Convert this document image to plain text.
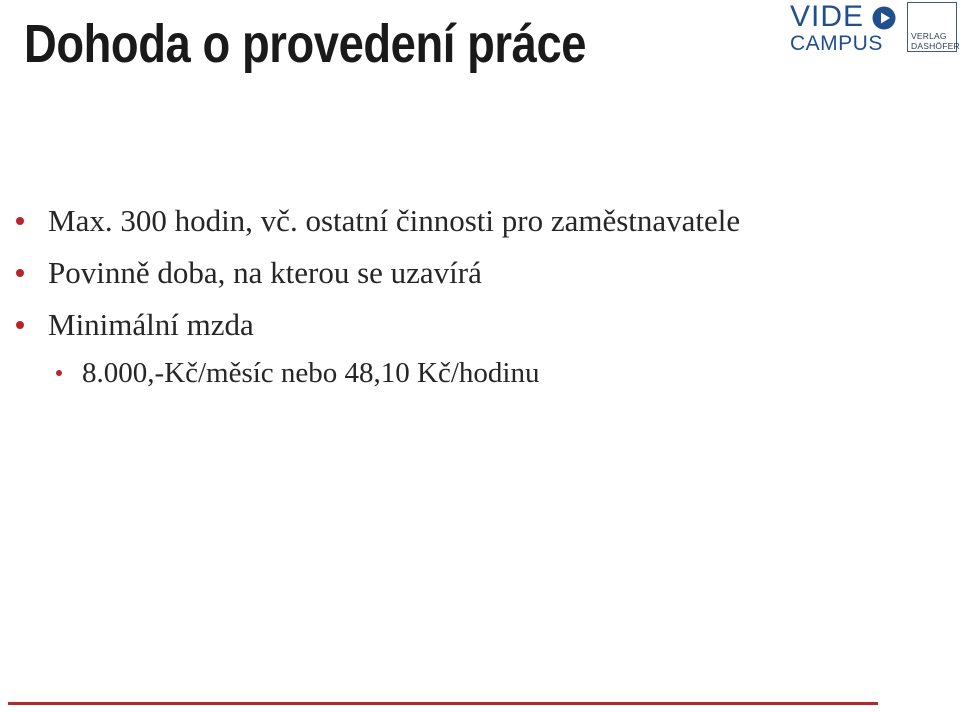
Dohoda o provedení práce	VIDE
CAMPUS	VERLAG
DASHÖFER
Max. 300 hodin, vč. ostatní činnosti pro zaměstnavatele
Povinně doba, na kterou se uzavírá
Minimální mzda
8.000,-Kč/měsíc nebo 48,10 Kč/hodinu
